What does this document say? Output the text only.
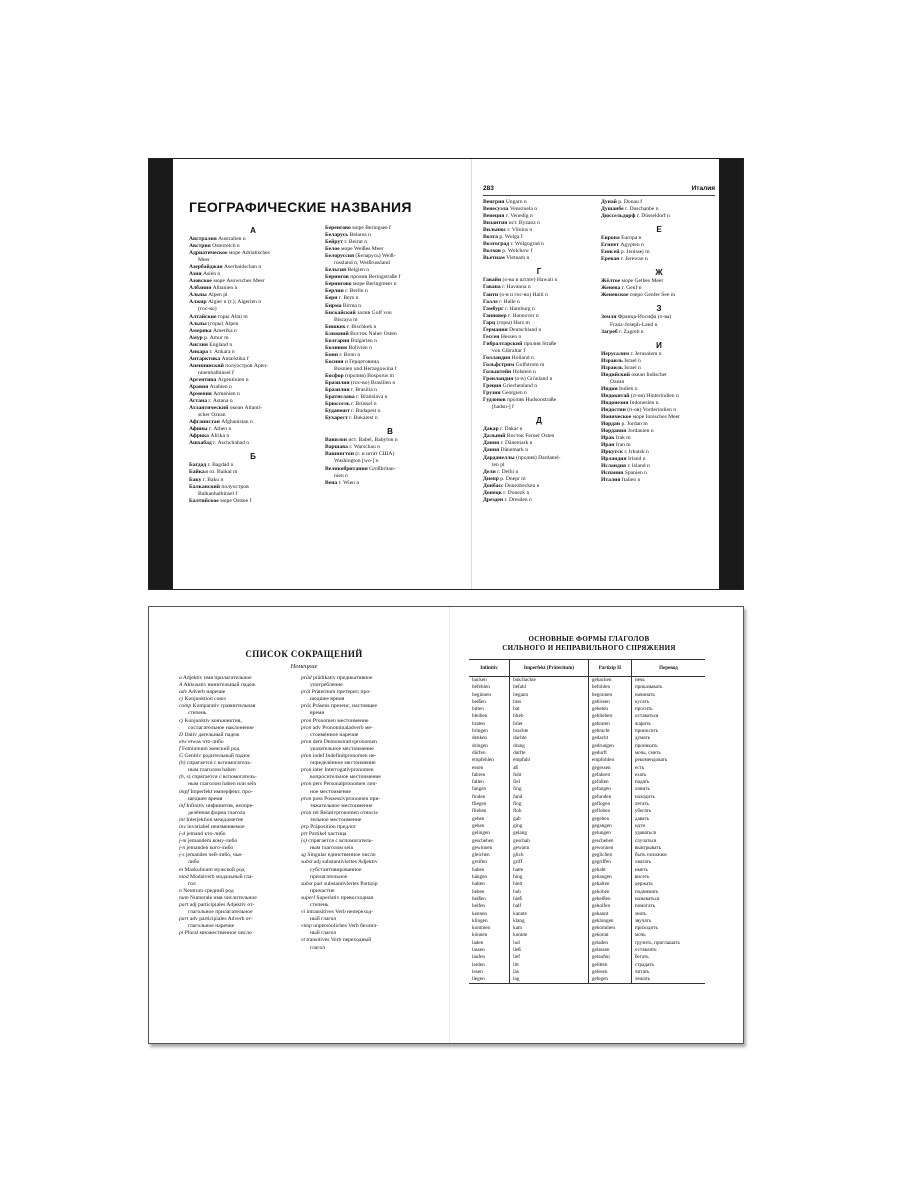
ГЕОГРАФИЧЕСКИЕ НАЗВАНИЯ
А
Австра́лия Australien n
Австрия Österreich n
Адриатическое мо́ре Adriatisches
Meer
Азербайджан Aserbaidschan n
Азия Asien n
Азовское мо́ре Asowsches Meer
Албания Albanien n
Альпы Alpen pl
Алжир Algier n (г.); Algerien n
(гос-во)
Алта́йские го́ры Altai m
Альпы (горы) Alpen
Аме́рика Amerika n
Амур р. Amur m
Англия England n
Анкара́ г. Ankara n
Антарктика Antarktika f
Апеннинский полуо́стров Apen-
ninenhalbinsel f
Аргентина Argentinien n
Ара́вия Arabien n
Армения Armenien n
Аста́на г. Astana n
Атланти́ческий океа́н Atlanti-
scher Ozean
Афганиста́н Afghanistan n
Афины г. Athen n
Африка Afrika n
Ашхаба́д г. Aschchabad n
Б
Багда́д г. Bagdad n
Байка́л оз. Baikal m
Баку г. Baku n
Балка́нский полуо́стров
Balkanhalbinsel f
Балти́йское мо́ре Ostsee f
Бе́ренгово мо́ре Beringsee f
Бела́русь Belarus n
Бейру́т г. Beirut n
Бе́лое мо́ре Weißes Meer
Белору́ссия (Белару́сь) Weiß-
russland n, Weißrussland
Бельгия Belgien n
Берингов пролив Beringstraße f
Берингово мо́ре Beringmeer n
Берли́н г. Berlin n
Берн г. Bern n
Бирма Birma n
Бискайский зали́в Golf von
Biscaya m
Бишке́к г. Bischkek n
Ближний Восток Naher Osten
Болга́рия Bulgarien n
Боли́вия Bolivien n
Бонн г. Bonn n
Бо́сния и Герцегови́на
Bosnien und Herzegowina f
Босфор (пролив) Bosporus m
Брази́лия (гос-во) Brasilien n
Брази́лия г. Brasilia n
Братисла́ва г. Bratislava n
Брюссе́ль г. Brüssel n
Будапе́шт г. Budapest n
Бухаре́ст г. Bukarest n
В
Вавило́н ист. Babel, Babylon n
Варша́ва г. Warschau n
Вашингто́н (г. и штат США)
Washington [wo-] n
Великобрита́ния Großbritan-
nien n
Ве́на г. Wien n
283	Италия
Ве́нгрия Ungarn n
Венесуэ́ла Venezuela n
Вене́ция г. Venedig n
Византия ист. Byzanz n
Ви́льнюс г. Vilnius n
Во́лга р. Wolga f
Волгогра́д г. Wolgograd n
Во́лхов р. Wolchow f
Вьетна́м Vietnam n
Г
Гава́йи (о-ва в штате) Hawaii n
Гава́на г. Havanna n
Гаи́ти (о-в и гос-во) Haiti n
Га́лле г. Halle n
Га́мбург г. Hamburg n
Ганно́вер г. Hannover n
Гарц (горы) Harz m
Герма́ния Deutschland n
Ге́ссен Hessen n
Гибралта́рский проли́в Straße
von Gibraltar f
Голла́ндия Holland n
Гольфстри́м Golfstrom m
Гольште́йн Holstein n
Гренла́ндия (о-в) Grönland n
Гре́ция Griechenland n
Гру́зия Georgien n
Гудзо́нов проли́в Hudsonstraße
[hadsn-] f
Д
Дака́р г. Dakar n
Да́льний Восто́к Ferner Osten
Да́ния г. Dänemark n
Да́ния Dänemark n
Дарда́не́ллы (пролив) Dardanel-
len pl
Де́ли г. Delhi n
Днепр р. Dnepr m
Донба́сс Donezbecken n
Доне́цк г. Donezk n
Дре́зден г. Dresden n
Дуна́й р. Donau f
Душанбе́ г. Duschanbe n
Дюссельдо́рф г. Düsseldorf n
Е
Евро́па Europa n
Еги́пет Ägypten n
Енисе́й р. Jenissej m
Ерева́н г. Jerewan n
Ж
Жёлтое мо́ре Gelbes Meer
Жене́ва г. Genf n
Жене́вское о́зеро Genfer See m
З
Земля́ Франца-Ио́сифа (о-ва)
Franz-Joseph-Land n
За́греб г. Zagreb n
И
Иерусали́м г. Jerusalem n
Изра́иль Israel n
Изра́иль Israel n
Инди́йский океа́н Indischer
Ozean
Индия Indien n
Индокита́й (п-ов) Hinterindien n
Индонези́я Indonesien n
Индости́н (п-ов) Vorderindien n
Ионическое мо́ре Ionisches Meer
Иорда́н р. Jordan m
Иорда́ния Jordanien n
Ира́к Irak m
Ира́н Iran m
Ирку́тск г. Irkutsk n
Ирла́ндия Irland n
Исла́ндия г. Island n
Испа́ния Spanien n
Ита́лия Italien n
СПИСОК СОКРАЩЕНИЙ
Немецкие
a Adjektiv имя прилагательное
A Akkusativ винительный падеж
adv Adverb наречие
cj Konjunktion союз
comp Komparativ сравнительная
степень
cj Konjunktiv конъюнктив,
сослагательное наклонение
D Dativ дательный падеж
etw etwas что-либо
f Femininum женский род
G Genitiv родительный падеж
(h) спрягается с вспомогатель-
ным глаголом haben
(h, s) спрягается с вспомогатель-
ным глаголом haben или sein
impf Imperfekt имперфект, про-
шедшее время
inf Infinitiv инфинитив, неопре-
делённая форма глагола
int Interjektion междометие
inv invariabel неизменяемое
j-d jemand кто-либо
j-m jemandem кому-либо
j-n jemanden кого-либо
j-s jemandes чей-либо, чья-
либо
m Maskulinum мужской род
mod Modalverb модальный гла-
гол
n Neutrum средний род
num Numerale имя числительное
part adj participiales Adjektiv от-
глагольное прилагательное
part adv participiales Adverb от-
глагольное наречие
pl Plural множественное число
präd prädikativ предикативное
употребление
prät Präteritum претерит, про-
шедшее время
präs Präsens презенс, настоящее
время
pron Pronomen местоимение
pron adv Pronominaladverb ме-
стоимённое наречие
pron dem Demonstrativpronomen
указательное местоимение
pron indef Indefinitpronomen не-
определённое местоимение
pron inter Interrogativpronomen
вопросительное местоимение
pron pers Personalpronomen лич-
ное местоимение
pron poss Possessivpronomen при-
тяжательное местоимение
pron rel Relativpronomen относи-
тельное местоимение
prp Präposition предлог
prt Partikel частица
(s) спрягается с вспомогатель-
ным глаголом sein
sg Singular единственное число
subst adj substantiviertes Adjektiv
субстантивированное
прилагательное
subst part substantiviertes Partizip
причастие
superl Superlativ превосходная
степень
vi intransitives Verb непереход-
ный глагол
vimp unpersönliches Verb безлич-
ный глагол
vt transitives Verb переходный
глагол
ОСНОВНЫЕ ФОРМЫ ГЛАГОЛОВ
СИЛЬНОГО И НЕПРАВИЛЬНОГО СПРЯЖЕНИЯ
Infinitiv	Imperfekt (Präteritum)	Partizip II	Перевод
backen	buk/backte	gebacken	печь
befehlen	befahl	befohlen	приказывать
beginnen	begann	begonnen	начинать
beißen	biss	gebissen	кусать
bitten	bat	gebeten	просить
bleiben	blieb	geblieben	оставаться
braten	briet	gebraten	жарить
bringen	brachte	gebracht	приносить
denken	dachte	gedacht	думать
dringen	drang	gedrungen	проникать
dürfen	durfte	gedurft	мочь, сметь
empfehlen	empfahl	empfohlen	рекомендовать
essen	aß	gegessen	есть
fahren	fuhr	gefahren	ехать
fallen	fiel	gefallen	падать
fangen	fing	gefangen	ловить
finden	fand	gefunden	находить
fliegen	flog	geflogen	летать
fliehen	floh	geflohen	убегать
geben	gab	gegeben	давать
gehen	ging	gegangen	идти
gelingen	gelang	gelungen	удаваться
geschehen	geschah	geschehen	случаться
gewinnen	gewann	gewonnen	выигрывать
gleichen	glich	geglichen	быть похожим
greifen	griff	gegriffen	хватать
haben	hatte	gehabt	иметь
hängen	hing	gehangen	висеть
halten	hielt	gehalten	держать
heben	hob	gehoben	поднимать
heißen	hieß	geheißen	называться
helfen	half	geholfen	помогать
kennen	kannte	gekannt	знать
klingen	klang	geklungen	звучать
kommen	kam	gekommen	приходить
können	konnte	gekonnt	мочь
laden	lud	geladen	грузить, приглашать
lassen	ließ	gelassen	оставлять
laufen	lief	gelaufen	бегать
leiden	litt	gelitten	страдать
lesen	las	gelesen	читать
liegen	lag	gelegen	лежать
